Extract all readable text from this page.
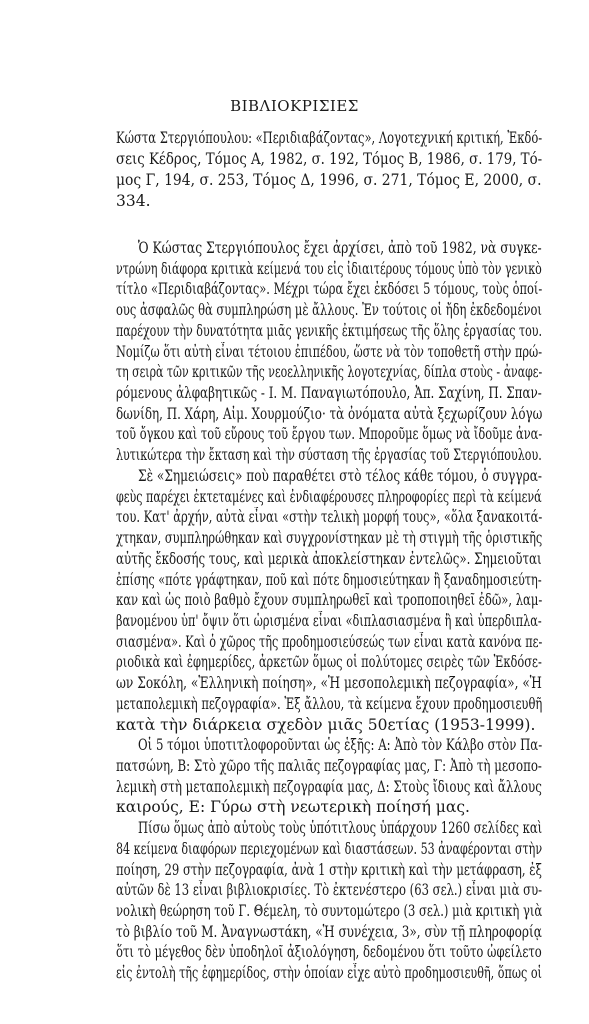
ΒΙΒΛΙΟΚΡΙΣΙΕΣ
Κώστα Στεργιόπουλου: «Περιδιαβάζοντας», Λογοτεχνική κριτική, Ἐκδό-
σεις Κέδρος, Τόμος Α, 1982, σ. 192, Τόμος Β, 1986, σ. 179, Τό-
μος Γ, 194, σ. 253, Τόμος Δ, 1996, σ. 271, Τόμος Ε, 2000, σ.
334.
Ὁ Κώστας Στεργιόπουλος ἔχει ἀρχίσει, ἀπὸ τοῦ 1982, νὰ συγκε-
ντρώνη διάφορα κριτικὰ κείμενά του εἰς ἰδιαιτέρους τόμους ὑπὸ τὸν γενικὸ
τίτλο «Περιδιαβάζοντας». Μέχρι τώρα ἔχει ἐκδόσει 5 τόμους, τοὺς ὁποί-
ους ἀσφαλῶς θὰ συμπληρώση μὲ ἄλλους. Ἐν τούτοις οἱ ἤδη ἐκδεδομένοι
παρέχουν τὴν δυνατότητα μιᾶς γενικῆς ἐκτιμήσεως τῆς ὅλης ἐργασίας του.
Νομίζω ὅτι αὐτὴ εἶναι τέτοιου ἐπιπέδου, ὥστε νὰ τὸν τοποθετῆ στὴν πρώ-
τη σειρὰ τῶν κριτικῶν τῆς νεοελληνικῆς λογοτεχνίας, δίπλα στοὺς - ἀναφε-
ρόμενους ἀλφαβητικῶς - Ι. Μ. Παναγιωτόπουλο, Ἀπ. Σαχίνη, Π. Σπαν-
δωνίδη, Π. Χάρη, Αἰμ. Χουρμούζιο· τὰ ὀνόματα αὐτὰ ξεχωρίζουν λόγω
τοῦ ὄγκου καὶ τοῦ εὔρους τοῦ ἔργου των. Μποροῦμε ὅμως νὰ ἴδοῦμε ἀνα-
λυτικώτερα τὴν ἔκταση καὶ τὴν σύσταση τῆς ἐργασίας τοῦ Στεργιόπουλου.
Σὲ «Σημειώσεις» ποὺ παραθέτει στὸ τέλος κάθε τόμου, ὁ συγγρα-
φεὺς παρέχει ἐκτεταμένες καὶ ἐνδιαφέρουσες πληροφορίες περὶ τὰ κείμενά
του. Κατ' ἀρχήν, αὐτὰ εἶναι «στὴν τελικὴ μορφή τους», «ὅλα ξανακοιτά-
χτηκαν, συμπληρώθηκαν καὶ συγχρονίστηκαν μὲ τὴ στιγμὴ τῆς ὁριστικῆς
αὐτῆς ἔκδοσής τους, καὶ μερικὰ ἀποκλείστηκαν ἐντελῶς». Σημειοῦται
ἐπίσης «πότε γράφτηκαν, ποῦ καὶ πότε δημοσιεύτηκαν ἢ ξαναδημοσιεύτη-
καν καὶ ὡς ποιὸ βαθμὸ ἔχουν συμπληρωθεῖ καὶ τροποποιηθεῖ ἐδῶ», λαμ-
βανομένου ὑπ' ὄψιν ὅτι ὡρισμένα εἶναι «διπλασιασμένα ἢ καὶ ὑπερδιπλα-
σιασμένα». Καὶ ὁ χῶρος τῆς προδημοσιεύσεώς των εἶναι κατὰ κανόνα πε-
ριοδικὰ καὶ ἐφημερίδες, ἀρκετῶν ὅμως οἱ πολύτομες σειρὲς τῶν Ἐκδόσε-
ων Σοκόλη, «Ἑλληνικὴ ποίηση», «Ἡ μεσοπολεμικὴ πεζογραφία», «Ἡ
μεταπολεμικὴ πεζογραφία». Ἐξ ἄλλου, τὰ κείμενα ἔχουν προδημοσιευθῆ
κατὰ τὴν διάρκεια σχεδὸν μιᾶς 50ετίας (1953-1999).
Οἱ 5 τόμοι ὑποτιτλοφοροῦνται ὡς ἑξῆς: Α: Ἀπὸ τὸν Κάλβο στὸν Πα-
πατσώνη, Β: Στὸ χῶρο τῆς παλιᾶς πεζογραφίας μας, Γ: Ἀπὸ τὴ μεσοπο-
λεμικὴ στὴ μεταπολεμικὴ πεζογραφία μας, Δ: Στοὺς ἴδιους καὶ ἄλλους
καιρούς, Ε: Γύρω στὴ νεωτερικὴ ποίησή μας.
Πίσω ὅμως ἀπὸ αὐτοὺς τοὺς ὑπότιτλους ὑπάρχουν 1260 σελίδες καὶ
84 κείμενα διαφόρων περιεχομένων καὶ διαστάσεων. 53 ἀναφέρονται στὴν
ποίηση, 29 στὴν πεζογραφία, ἀνὰ 1 στὴν κριτικὴ καὶ τὴν μετάφραση, ἐξ
αὐτῶν δὲ 13 εἶναι βιβλιοκρισίες. Τὸ ἐκτενέστερο (63 σελ.) εἶναι μιὰ συ-
νολικὴ θεώρηση τοῦ Γ. Θέμελη, τὸ συντομώτερο (3 σελ.) μιὰ κριτικὴ γιὰ
τὸ βιβλίο τοῦ Μ. Ἀναγνωστάκη, «Ἡ συνέχεια, 3», σὺν τῇ πληροφορίᾳ
ὅτι τὸ μέγεθος δὲν ὑποδηλοῖ ἀξιολόγηση, δεδομένου ὅτι τοῦτο ὠφείλετο
εἰς ἐντολὴ τῆς ἐφημερίδος, στὴν ὁποίαν εἶχε αὐτὸ προδημοσιευθῆ, ὅπως οἱ
